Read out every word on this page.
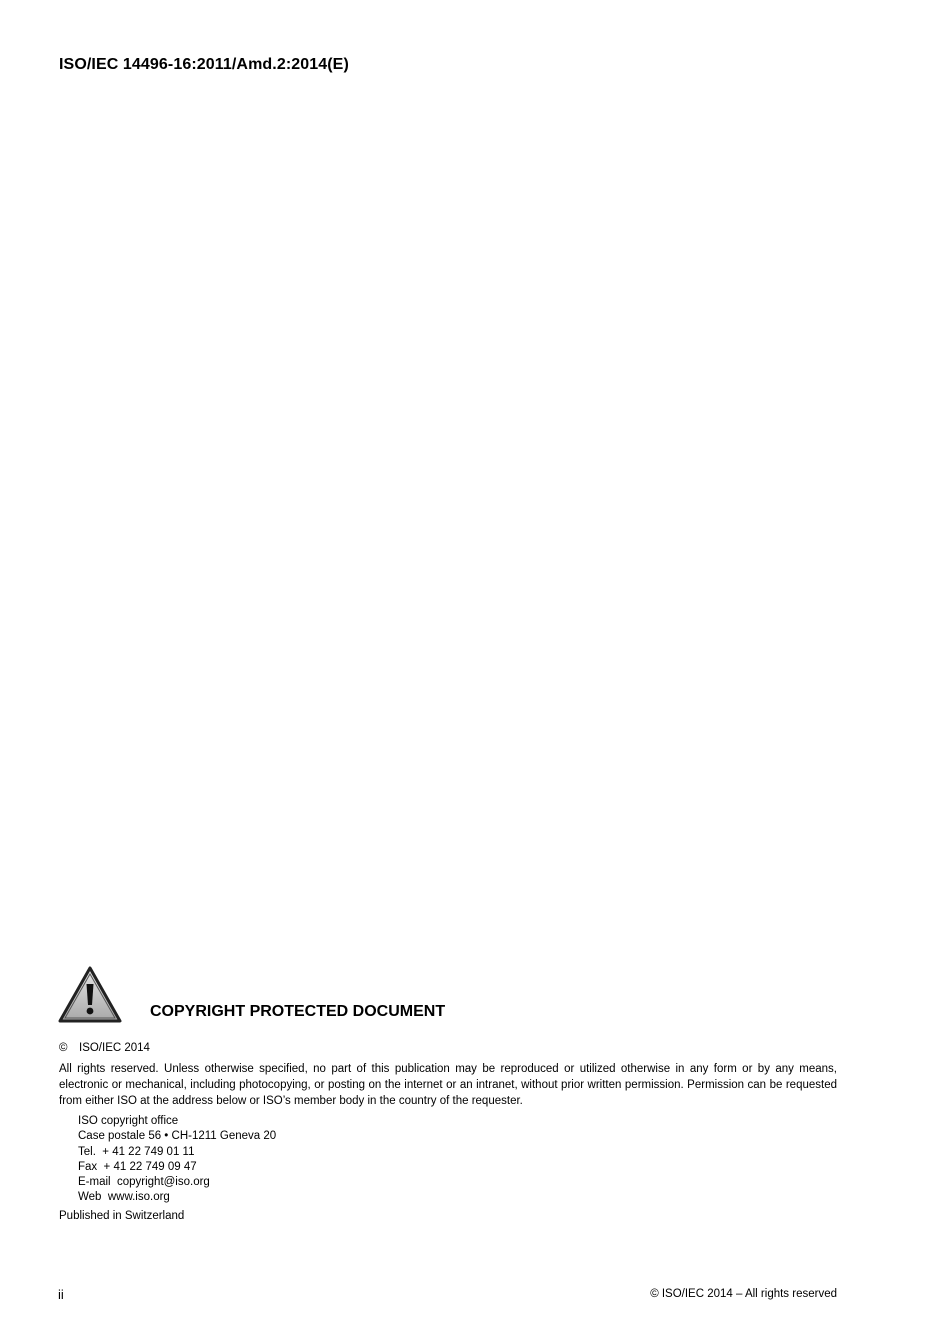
ISO/IEC 14496-16:2011/Amd.2:2014(E)
COPYRIGHT PROTECTED DOCUMENT
© ISO/IEC 2014
All rights reserved. Unless otherwise specified, no part of this publication may be reproduced or utilized otherwise in any form or by any means, electronic or mechanical, including photocopying, or posting on the internet or an intranet, without prior written permission. Permission can be requested from either ISO at the address below or ISO’s member body in the country of the requester.
ISO copyright office
Case postale 56 • CH-1211 Geneva 20
Tel.  + 41 22 749 01 11
Fax  + 41 22 749 09 47
E-mail  copyright@iso.org
Web  www.iso.org
Published in Switzerland
ii	© ISO/IEC 2014 – All rights reserved
